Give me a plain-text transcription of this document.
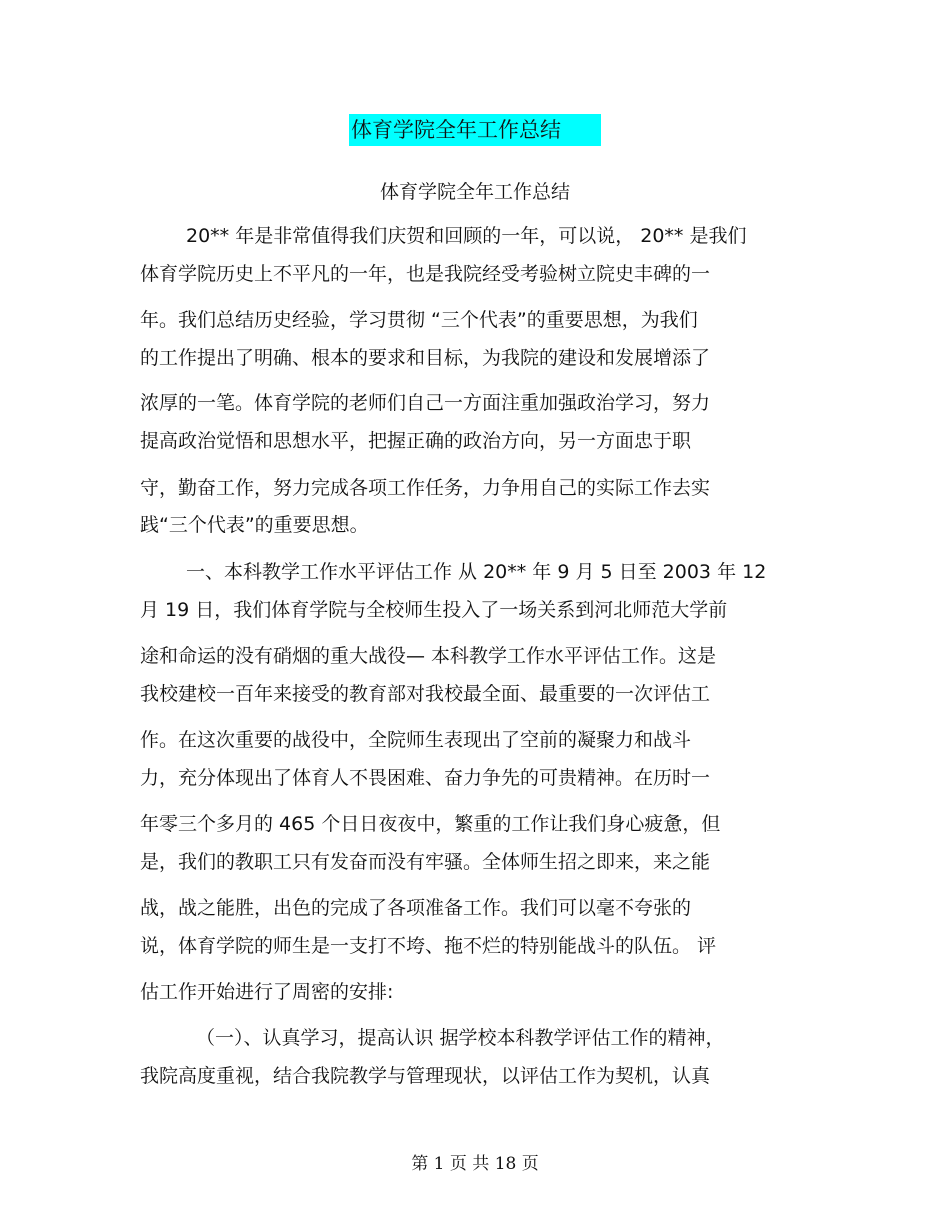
体育学院全年工作总结
体育学院全年工作总结
20** 年是非常值得我们庆贺和回顾的一年，可以说， 20** 是我们
体育学院历史上不平凡的一年，也是我院经受考验树立院史丰碑的一
年。我们总结历史经验，学习贯彻 “三个代表”的重要思想，为我们
的工作提出了明确、根本的要求和目标，为我院的建设和发展增添了
浓厚的一笔。体育学院的老师们自己一方面注重加强政治学习，努力
提高政治觉悟和思想水平，把握正确的政治方向，另一方面忠于职
守，勤奋工作，努力完成各项工作任务，力争用自己的实际工作去实
践“三个代表”的重要思想。
一、本科教学工作水平评估工作 从 20** 年 9 月 5 日至 2003 年 12
月 19 日，我们体育学院与全校师生投入了一场关系到河北师范大学前
途和命运的没有硝烟的重大战役— 本科教学工作水平评估工作。这是
我校建校一百年来接受的教育部对我校最全面、最重要的一次评估工
作。在这次重要的战役中，全院师生表现出了空前的凝聚力和战斗
力，充分体现出了体育人不畏困难、奋力争先的可贵精神。在历时一
年零三个多月的 465 个日日夜夜中，繁重的工作让我们身心疲惫，但
是，我们的教职工只有发奋而没有牢骚。全体师生招之即来，来之能
战，战之能胜，出色的完成了各项准备工作。我们可以毫不夸张的
说，体育学院的师生是一支打不垮、拖不烂的特别能战斗的队伍。 评
估工作开始进行了周密的安排:
（一）、认真学习，提高认识 据学校本科教学评估工作的精神，
我院高度重视，结合我院教学与管理现状，以评估工作为契机，认真
第 1 页 共 18 页
